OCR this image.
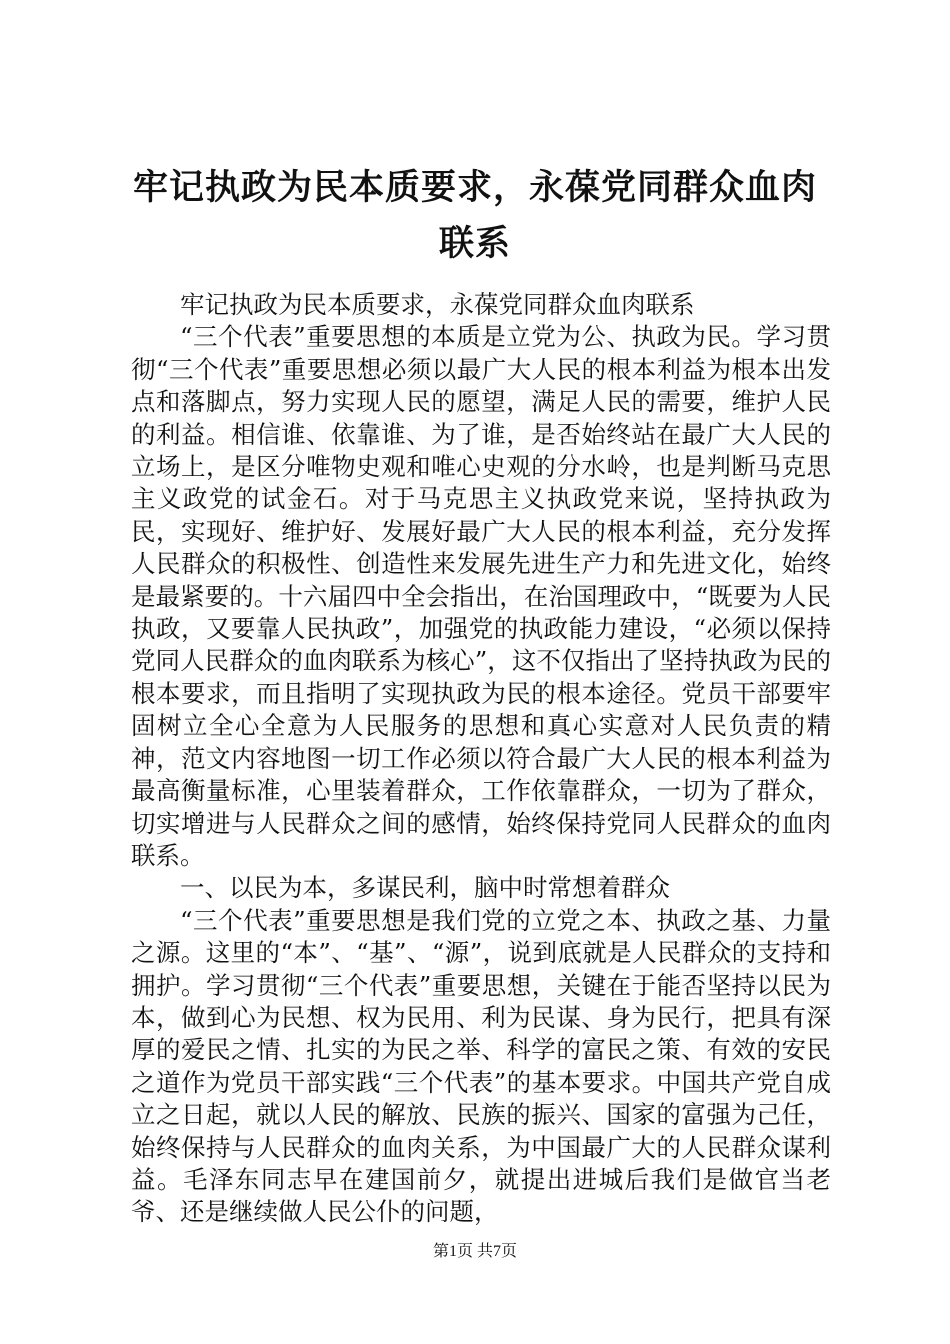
牢记执政为民本质要求，永葆党同群众血肉联系

牢记执政为民本质要求，永葆党同群众血肉联系

“三个代表”重要思想的本质是立党为公、执政为民。学习贯彻“三个代表”重要思想必须以最广大人民的根本利益为根本出发点和落脚点，努力实现人民的愿望，满足人民的需要，维护人民的利益。相信谁、依靠谁、为了谁，是否始终站在最广大人民的立场上，是区分唯物史观和唯心史观的分水岭，也是判断马克思主义政党的试金石。对于马克思主义执政党来说，坚持执政为民，实现好、维护好、发展好最广大人民的根本利益，充分发挥人民群众的积极性、创造性来发展先进生产力和先进文化，始终是最紧要的。十六届四中全会指出，在治国理政中，“既要为人民执政，又要靠人民执政”，加强党的执政能力建设，“必须以保持党同人民群众的血肉联系为核心”，这不仅指出了坚持执政为民的根本要求，而且指明了实现执政为民的根本途径。党员干部要牢固树立全心全意为人民服务的思想和真心实意对人民负责的精神，范文内容地图一切工作必须以符合最广大人民的根本利益为最高衡量标准，心里装着群众，工作依靠群众，一切为了群众，切实增进与人民群众之间的感情，始终保持党同人民群众的血肉联系。

一、以民为本，多谋民利，脑中时常想着群众

“三个代表”重要思想是我们党的立党之本、执政之基、力量之源。这里的“本”、“基”、“源”，说到底就是人民群众的支持和拥护。学习贯彻“三个代表”重要思想，关键在于能否坚持以民为本，做到心为民想、权为民用、利为民谋、身为民行，把具有深厚的爱民之情、扎实的为民之举、科学的富民之策、有效的安民之道作为党员干部实践“三个代表”的基本要求。中国共产党自成立之日起，就以人民的解放、民族的振兴、国家的富强为己任，始终保持与人民群众的血肉关系，为中国最广大的人民群众谋利益。毛泽东同志早在建国前夕，就提出进城后我们是做官当老爷、还是继续做人民公仆的问题，

第1页 共7页
